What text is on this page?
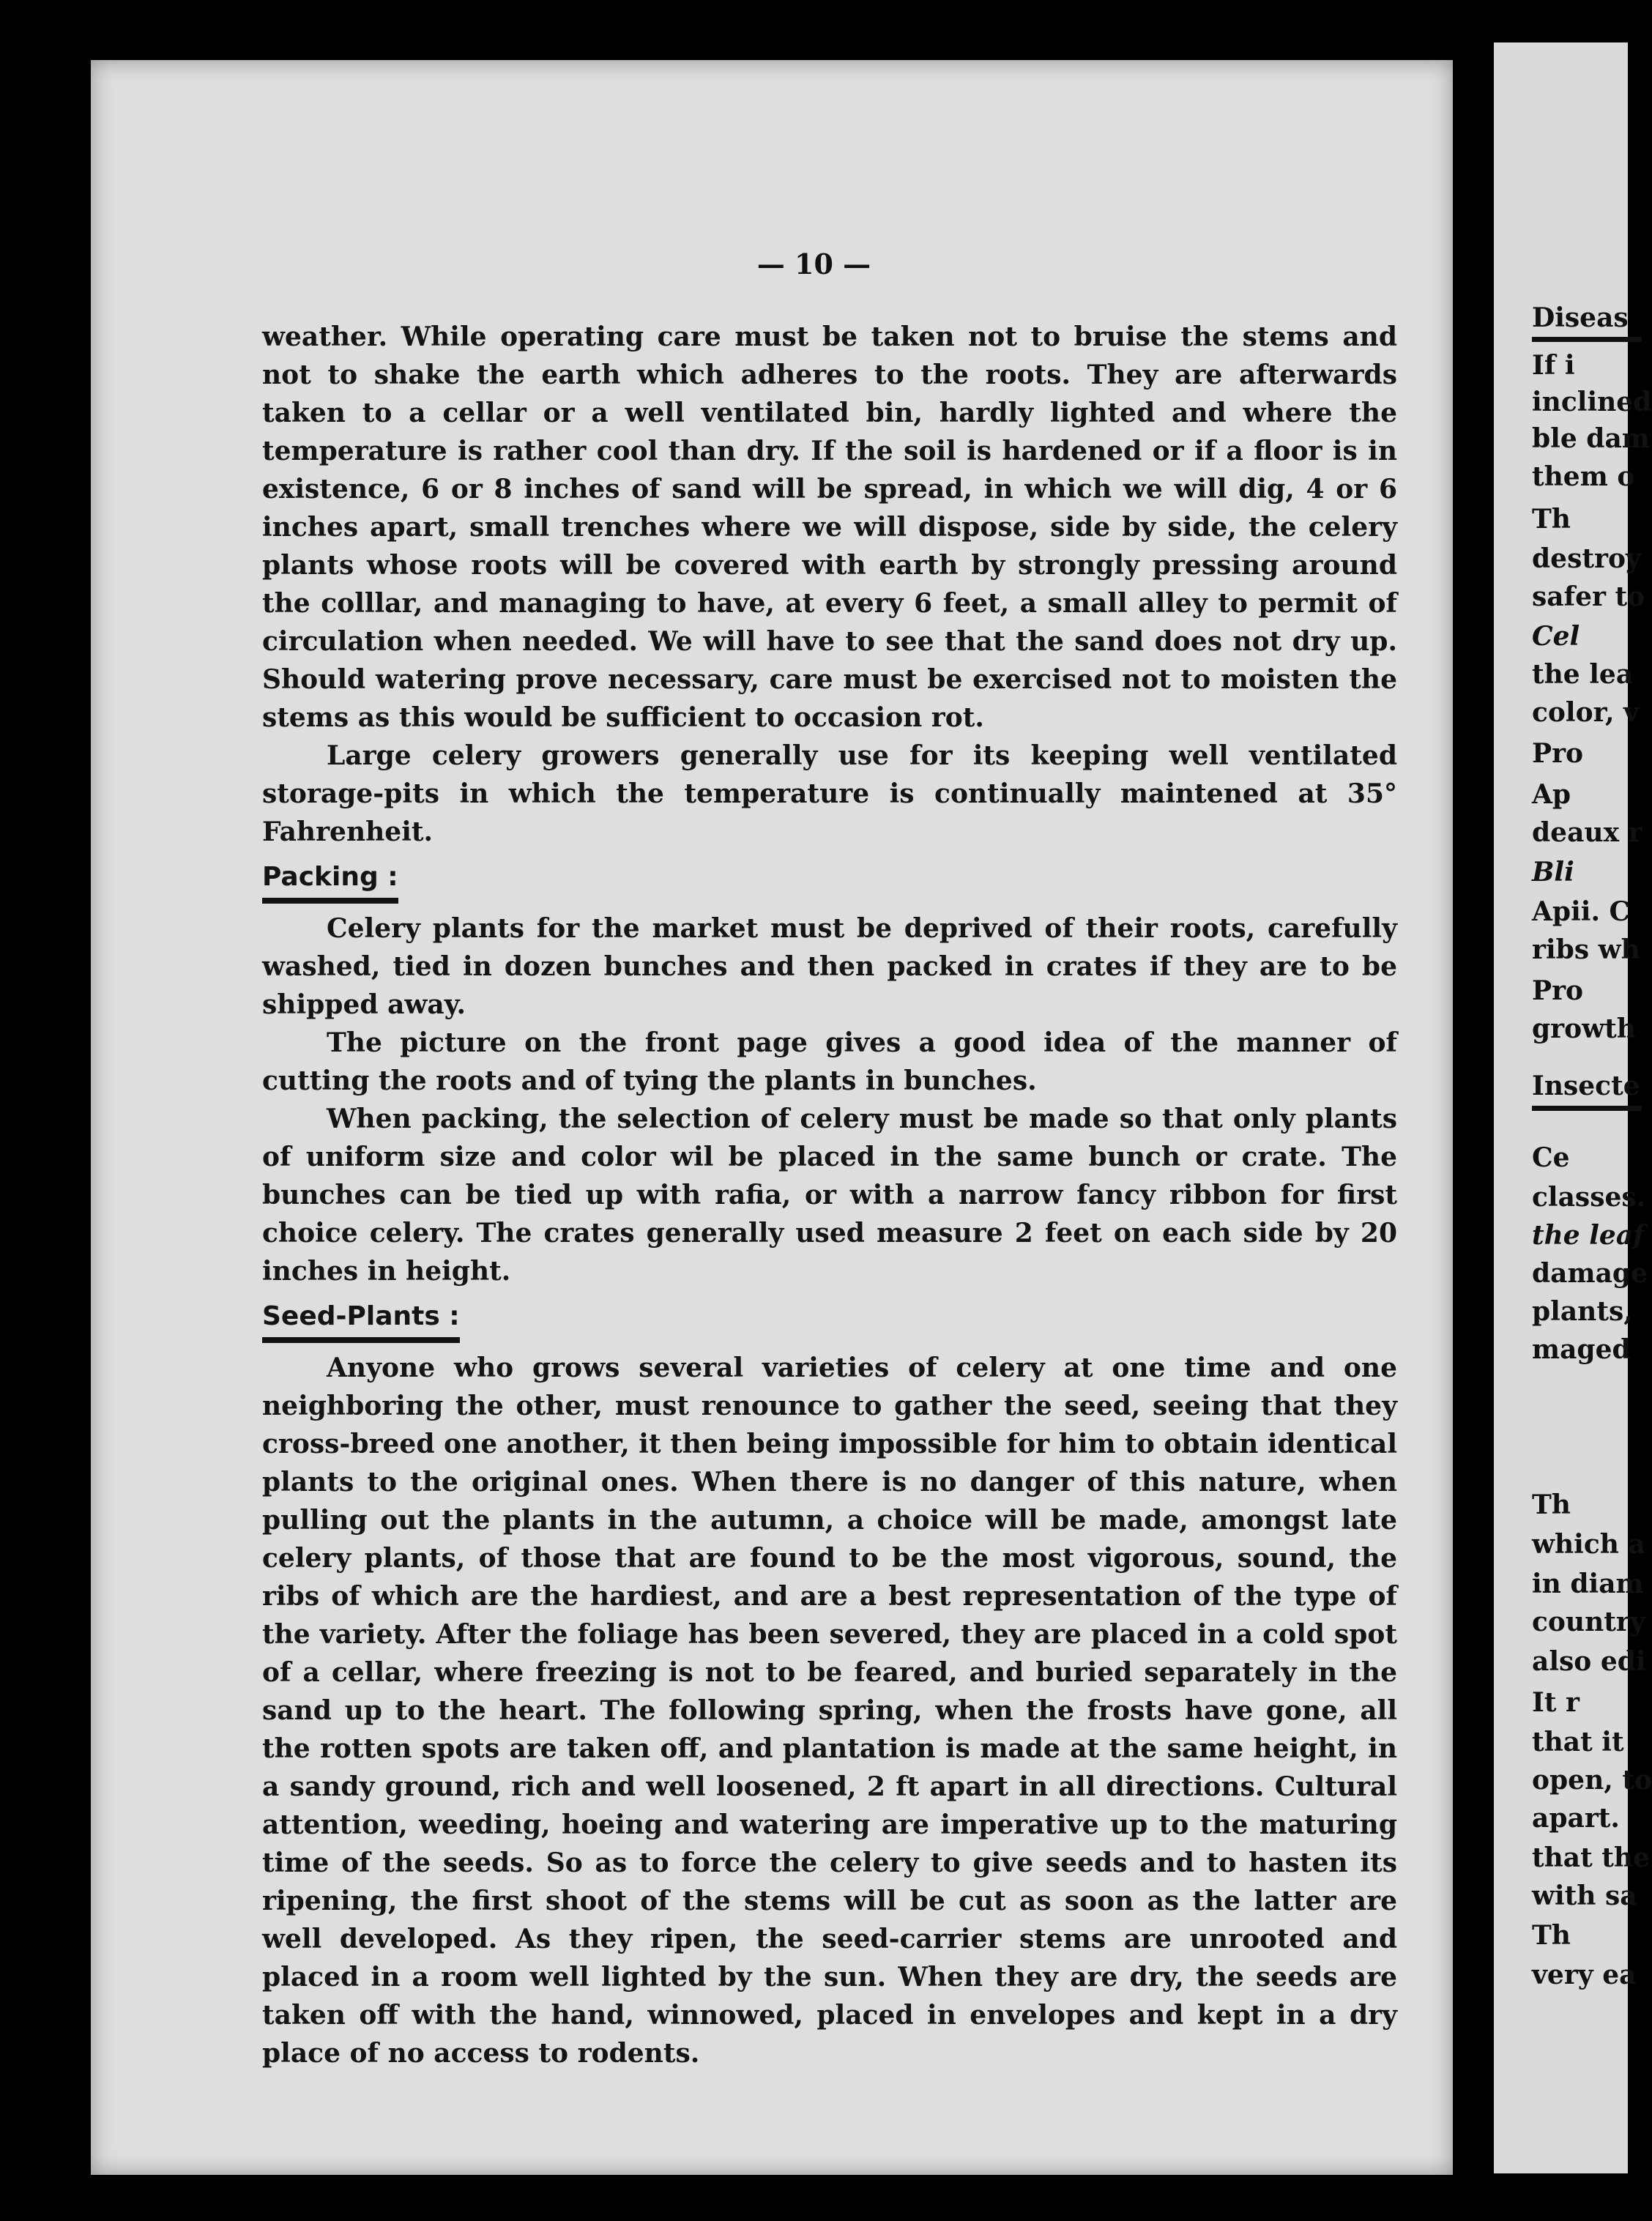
— 10 —

weather. While operating care must be taken not to bruise the stems and not to shake the earth which adheres to the roots. They are afterwards taken to a cellar or a well ventilated bin, hardly lighted and where the temperature is rather cool than dry. If the soil is hardened or if a floor is in existence, 6 or 8 inches of sand will be spread, in which we will dig, 4 or 6 inches apart, small trenches where we will dispose, side by side, the celery plants whose roots will be covered with earth by strongly pressing around the colllar, and managing to have, at every 6 feet, a small alley to permit of circulation when needed. We will have to see that the sand does not dry up. Should watering prove necessary, care must be exercised not to moisten the stems as this would be sufficient to occasion rot.

Large celery growers generally use for its keeping well ventilated storage-pits in which the temperature is continually maintened at 35° Fahrenheit.

Packing :

Celery plants for the market must be deprived of their roots, carefully washed, tied in dozen bunches and then packed in crates if they are to be shipped away.

The picture on the front page gives a good idea of the manner of cutting the roots and of tying the plants in bunches.

When packing, the selection of celery must be made so that only plants of uniform size and color wil be placed in the same bunch or crate. The bunches can be tied up with rafia, or with a narrow fancy ribbon for first choice celery. The crates generally used measure 2 feet on each side by 20 inches in height.

Seed-Plants :

Anyone who grows several varieties of celery at one time and one neighboring the other, must renounce to gather the seed, seeing that they cross-breed one another, it then being impossible for him to obtain identical plants to the original ones. When there is no danger of this nature, when pulling out the plants in the autumn, a choice will be made, amongst late celery plants, of those that are found to be the most vigorous, sound, the ribs of which are the hardiest, and are a best representation of the type of the variety. After the foliage has been severed, they are placed in a cold spot of a cellar, where freezing is not to be feared, and buried separately in the sand up to the heart. The following spring, when the frosts have gone, all the rotten spots are taken off, and plantation is made at the same height, in a sandy ground, rich and well loosened, 2 ft apart in all directions. Cultural attention, weeding, hoeing and watering are imperative up to the maturing time of the seeds. So as to force the celery to give seeds and to hasten its ripening, the first shoot of the stems will be cut as soon as the latter are well developed. As they ripen, the seed-carrier stems are unrooted and placed in a room well lighted by the sun. When they are dry, the seeds are taken off with the hand, winnowed, placed in envelopes and kept in a dry place of no access to rodents.

Diseas
If i
inclined
ble dam
them o
Th
destroy
safer to
Cel
the lea
color, v
Pro
Ap
deaux r
Bli
Apii. C
ribs wh
Pro
growth
Insecte
Ce
classes.
the leaf
damage
plants,
maged
Th
which a
in diam
country
also edi
It r
that it
open, to
apart.
that the
with sa
Th
very ea
